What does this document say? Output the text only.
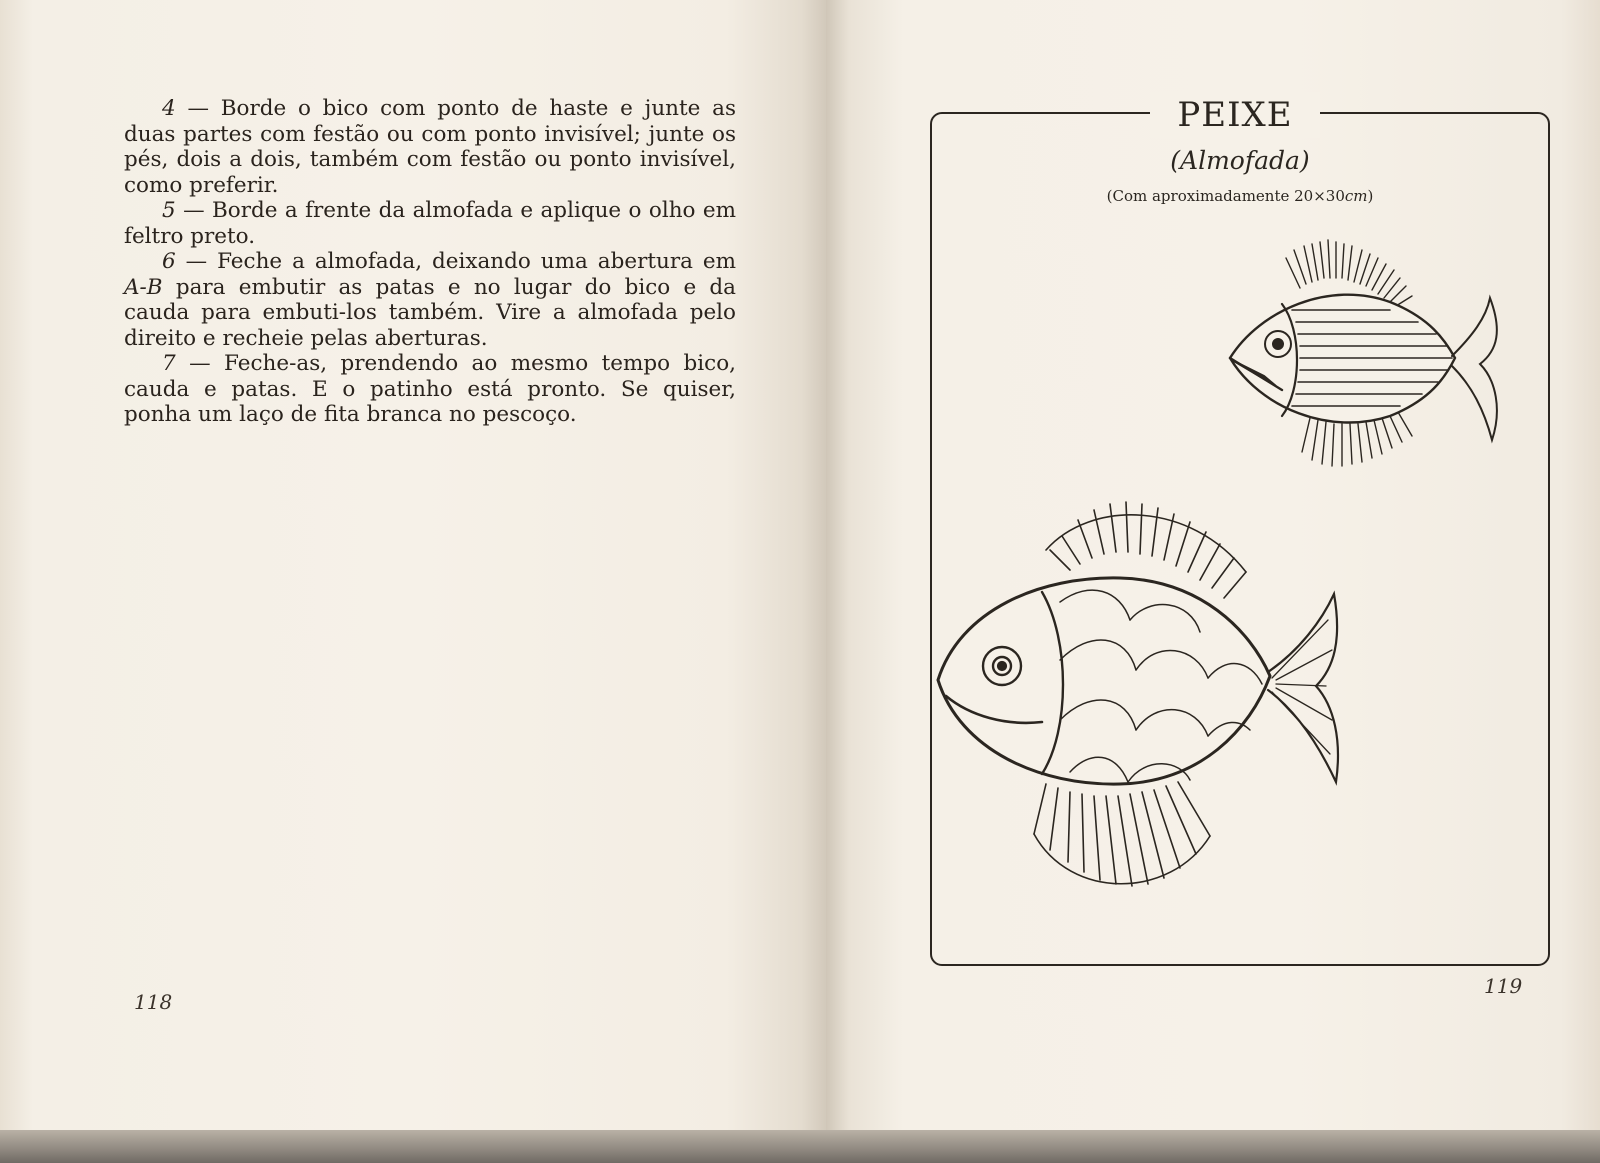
4 — Borde o bico com ponto de haste e junte as duas partes com festão ou com ponto invisível; junte os pés, dois a dois, também com festão ou ponto invisível, como preferir.

5 — Borde a frente da almofada e aplique o olho em feltro preto.

6 — Feche a almofada, deixando uma abertura em A-B para embutir as patas e no lugar do bico e da cauda para embuti-los também. Vire a almofada pelo direito e recheie pelas aberturas.

7 — Feche-as, prendendo ao mesmo tempo bico, cauda e patas. E o patinho está pronto. Se quiser, ponha um laço de fita branca no pescoço.

118
PEIXE
(Almofada)
(Com aproximadamente 20×30cm)
119
